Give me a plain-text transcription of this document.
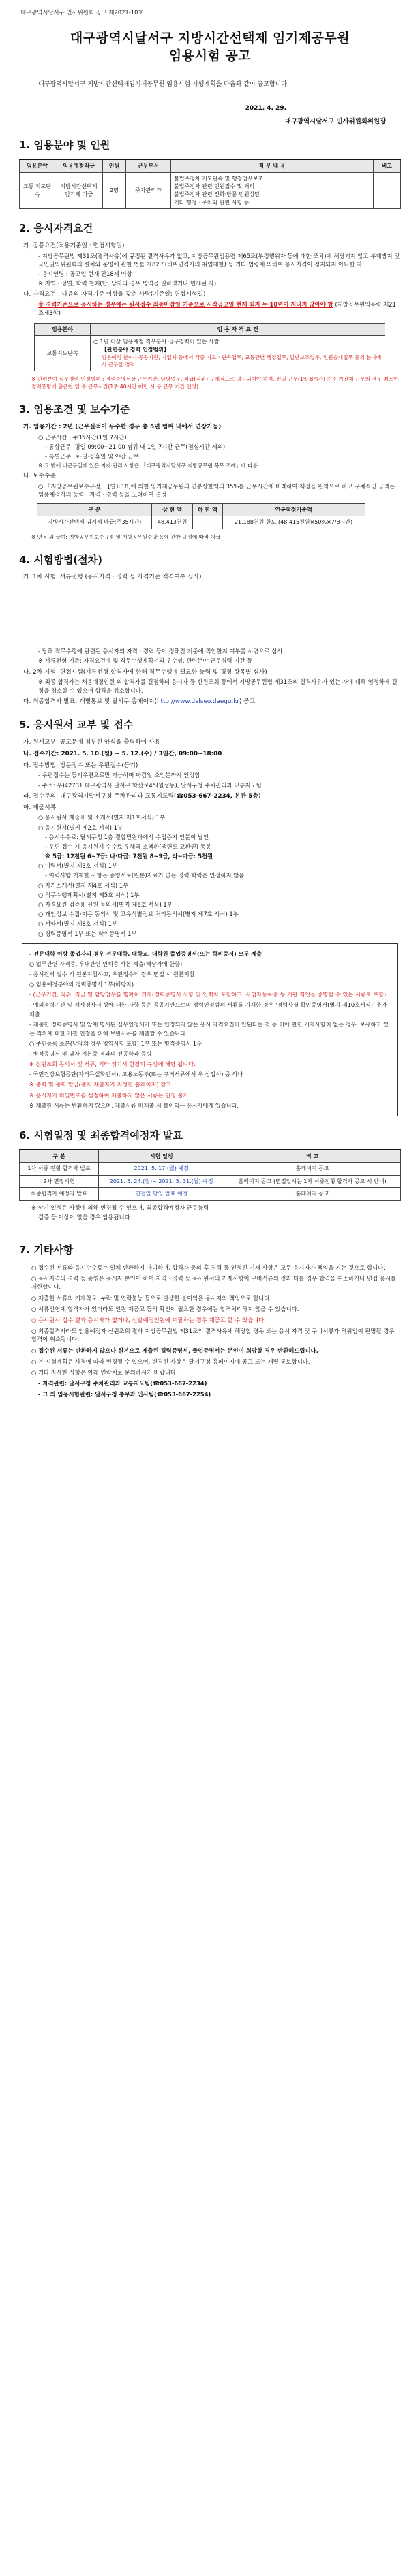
대구광역시달서구 인사위원회 공고 제2021-10호
대구광역시달서구 지방시간선택제 임기제공무원
임용시험 공고
대구광역시달서구 지방시간선택제임기제공무원 임용시험 시행계획을 다음과 같이 공고합니다.
2021. 4. 29.
대구광역시달서구 인사위원회위원장
1. 임용분야 및 인원
임용분야	임용예정직급	인원	근무부서	직 무 내 용	비고
교통 지도단속	지방시간선택제 임기제 마급	2명	주차관리과	불법주정차 지도단속 및 행정업무보조
불법주정차 관련 민원접수 및 처리
불법주정차 관련 전화·방문 민원상담
기타 행정 · 주차와 관련 사항 등	

2. 응시자격요건
가. 공통요건(적용기준일 : 면접시험일)
- 지방공무원법 제31조(결격사유)에 규정된 결격사유가 없고, 지방공무원임용령 제65조(부정행위자 등에 대한 조치)에 해당되지 않고 부패방지 및 국민권익위원회의 설치와 운영에 관한 법률 제82조(비위면직자의 취업제한) 등 기타 법령에 의하여 응시자격이 정지되지 아니한 자
- 응시연령 : 공고일 현재 만18세 이상
※ 지역 · 성별, 학력 철폐(단, 남자의 경우 병역을 필하였거나 면제된 자)
나. 자격요건 : 다음의 자격기준 이상을 갖춘 사람(기준일: 면접시험일)
※ 경력기준으로 응시하는 경우에는 원서접수 최종마감일 기준으로 시작공고일 현재 최지 두 10년이 지나지 않아야 함 (지방공무원임용령 제21조제3항)
임용분야	임 용 자 격 요 건
교통지도단속	○ 1년 이상 임용예정 직무분야 실무경력이 있는 사람
【관련분야 경력 인정범위】
임용예정 분야 : 공공기관, 기업체 등에서 각종 지도 · 단속업무, 교통관련 행정업무, 일반보조업무, 민원응대업무 등의 분야에서 근무한 경력
※ 관련분야 실무경력 인정범위 : 경력증명서상 근무기간, 담당업무, 직급(직위) 구체적으로 명시되어야 하며, 전일 근무(1일 8시간) 기준 기간제 근무의 경우 최소한 경력증명에 출근한 일 수 근무시간(1주 40시간 미만 시 등 근무 기간 인정)
3. 임용조건 및 보수기준
가. 임용기간 : 2년 (근무실적이 우수한 경우 총 5년 범위 내에서 연장가능)
○ 근무시간 : 주35시간(1일 7시간)
- 통상근무: 평일 09:00~21:00 범위 내 1일 7시간 근무(점심시간 제외)
- 특별근무: 토·일·공휴일 및 야간 근무
※ 그 밖에 비근무일에 있은 지지·관리 사항은 「대구광역시달서구 지방공무원 복무 조례」에 따름
나. 보수수준
○ 「지방공무원보수규정」 [별표18]에 의한 임기제공무원의 연봉상한액의 35%를 근무시간에 비례하여 책정을 원칙으로 하고 구체적인 금액은 임용예정자의 능력 · 자격 · 경력 등을 고려하여 결정
구 분	상 한 액	하 한 액	연봉책정기준액
지방시간선택제 임기제 마급(주35시간)	48,413천원	-	21,188천원 한도 (48,415천원×50%×7/8시간)
※ 연봉 외 급여: 지방공무원보수규정 및 지방공무원수당 등에 관한 규정에 따라 지급
4. 시험방법(절차)
가. 1차 시험: 서류전형 (응시자격 · 경력 등 자격기준 적격여부 심사)
- 당해 직무수행에 관련된 응시자의 자격 · 경력 등이 정해진 기준에 적합한지 여부를 서면으로 심사
※ 서류전형 기준: 자격요건에 및 직무수행계획서의 우수성, 관련분야 근무경력 기간 등
나. 2차 시험: 면접시험(서류전형 합격자에 한해 직무수행에 필요한 능력 및 평정 항목별 심사)
※ 최종 합격자는 채용예정인원 외 합격자를 결정하되 응시자 등 신원조회 등에서 지방공무원법 제31조의 결격사유가 있는 자에 대해 엄정하게 결정을 취소할 수 있으며 합격을 취소합니다.
다. 최종합격자 발표: 개별통보 및 달서구 홈페이지(http://www.dalseo.daegu.kr) 공고
5. 응시원서 교부 및 접수
가. 원서교부: 공고문에 첨부된 양식을 출력하여 사용
나. 접수기간: 2021. 5. 10.(월) ~ 5. 12.(수) / 3일간, 09:00~18:00
다. 접수방법: 방문접수 또는 우편접수(등기)
- 우편접수는 등기우편으로만 가능하며 마감일 소인분까지 인정함
- 주소: 우)42731 대구광역시 달서구 학산로45(월성동), 달서구청 주차관리과 교통지도팀
라. 접수문의: 대구광역시달서구청 주차관리과 교통지도팀(☎053-667-2234, 본관 5층)
마. 제출서류
○ 응시원서 제출표 및 소개서(별지 제1호서식) 1부
○ 응시원서(별지 제2호 서식) 1부
- 응시수수료: 달서구청 1층 결합민원과에서 수입증지 인분이 납인
- 우편 접수 시 응시원서 수수료 우체국 소액환(액면도 교환권) 동봉
※ 5급: 12천원 6~7급: 나·다급: 7천원 8~9급, 라~마급: 5천원
○ 이력서(별지 제3호 서식) 1부
- 이력사항 기재한 사항은 증명서로(원본)자료가 없는 경력·학력은 인정하지 않음
○ 자기소개서(별지 제4호 서식) 1부
○ 직무수행계획서(별지 제5호 서식) 1부
○ 자격요건 검증용 신원 동의서(별지 제6호 서식) 1부
○ 개인정보 수집·이용 동의서 및 고유식별정보 처리동의서(별지 제7호 서식) 1부
○ 서약서(별지 제8호 서식) 1부
○ 경력증명서 1부 또는 학위증명서 1부
- 전문대학 이상 졸업자의 경우 전문대학, 대학교, 대학원 졸업증명서(또는 학위증서) 모두 제출
○ 업무관련 자격증, 우대관련 면허증 사본 제출(해당자에 한함)
- 응시원서 접수 시 원본지참하고, 우편접수의 경우 면접 시 원본지참
○ 임용예정분야의 경력증명서 1부(해당자)
- (근무기간, 직위, 직급 및 담당업무를 명확히 기재(경력증명서 사항 및 인력차 포함하고, 사업자등록증 등 기관 직인을 증명할 수 있는 서류로 포함)
- 예외경력기관 및 제사정사서 상에 대한 사항 등은 공공기관으로의 경력인정범위 서류를 기재한 경우 '경력사실 확인증명서(별지 제10호서식)' 추가 제출
- 제출한 경력증명서 및 앞에 명시된 실무인정서가 또는 인정되지 않는 응시 자격요건이 안된다는 것 등 이에 관한 기재사항이 없는 경우, 보유하고 있는 직위에 대한 기관 인정을 위해 보완서류를 제출할 수 있습니다.
○ 주민등록 초본(남자의 경우 병역사항 포함) 1부 또는 병적증명서 1부
- 병적증명서 및 남자 기본중 경과의 전공학과 증빙
※ 신원조회 동의서 및 서류, 기타 위치서 한정의 규정에 해당 됩니다.
- 국민건강보험공단(자격득실확인서), 고용노동부(또는 구비서류에서 우 상업사) 중 하나
※ 출력 및 출력 발급(출처 제출자가 지정한 홈페이지) 참고
※ 응시자가 비밀번호를 설정하여 제출하지 않은 서류는 인정 불가
※ 제출한 서류는 반환하지 않으며, 제출서류 미제출 시 불이익은 응시자에게 있습니다.
6. 시험일정 및 최종합격예정자 발표
구 분	시험 일정	비 고
1차 서류 전형 합격자 발표	2021. 5. 17.(월) 예정	홈페이지 공고
2차 면접시험	2021. 5. 24.(월)~ 2021. 5. 31.(월) 예정	홈페이지 공고 (면접일시는 1차 서류전형 합격자 공고 시 안내)
최종합격자 예정자 발표	면접일 당일 발표 예정	홈페이지 공고
※ 상기 일정은 사정에 의해 변경될 수 있으며, 최종합격예정자 근무능력
검증 등 이상이 없을 경우 임용됩니다.
7. 기타사항
○ 접수된 서류와 응시수수료는 일체 반환하지 아니하며, 합격자 등의 후 경력 등 인정된 기재 사항은 모두 응시자가 책임을 지는 것으로 합니다.
○ 응시자격의 경력 등 증명은 응시자 본인이 하며 자격 · 경력 등 응시원서의 기재사항이 구비서류의 것과 다를 경우 합격을 취소하거나 면접 응시를 제한합니다.
○ 제출한 서류의 기재착오, 누락 및 연락불능 등으로 발생한 불이익은 응시자의 책임으로 합니다.
○ 서류전형에 합격자가 있더라도 인원 재공고 등의 확인이 필요한 경우에는 합격처리하지 않을 수 있습니다.
○ 응시원서 접수 결과 응시자가 없거나, 선발예정인원에 미달하는 경우 재공고 할 수 있습니다.
○ 최종합격자라도 임용예정자 신원조회 결과 지방공무원법 제31조의 결격사유에 해당할 경우 또는 응시 자격 및 구비서류가 허위임이 판명될 경우 합격이 취소됩니다.
○ 접수된 서류는 반환하지 않으나 원본으로 제출된 경력증명서, 졸업증명서는 본인이 희망할 경우 반환해드립니다.
○ 본 시험계획은 사정에 따라 변경될 수 있으며, 변경된 사항은 달서구청 홈페이지에 공고 또는 개별 통보합니다.
○ 기타 자세한 사항은 아래 연락처로 문의하시기 바랍니다.
- 자격관련: 달서구청 주차관리과 교통지도팀(☎053-667-2234)
- 그 외 임용시험관련: 달서구청 총무과 인사팀(☎053-667-2254)
